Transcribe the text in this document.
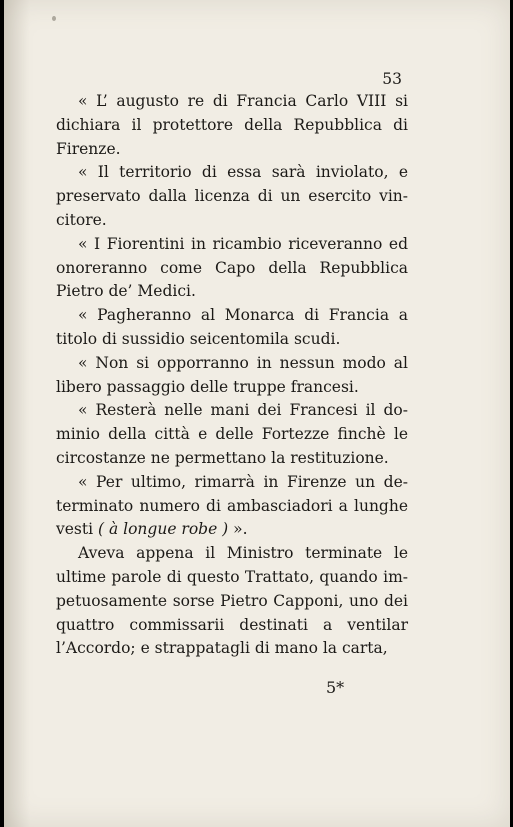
53

« L’ augusto re di Francia Carlo VIII si dichiara il protettore della Repubblica di Firenze.

« Il territorio di essa sarà inviolato, e preservato dalla licenza di un esercito vin-citore.

« I Fiorentini in ricambio riceveranno ed onoreranno come Capo della Repubblica Pietro de’ Medici.

« Pagheranno al Monarca di Francia a titolo di sussidio seicentomila scudi.

« Non si opporranno in nessun modo al libero passaggio delle truppe francesi.

« Resterà nelle mani dei Francesi il do-minio della città e delle Fortezze finchè le circostanze ne permettano la restituzione.

« Per ultimo, rimarrà in Firenze un de-terminato numero di ambasciadori a lunghe vesti ( à longue robe ) ».

Aveva appena il Ministro terminate le ultime parole di questo Trattato, quando im-petuosamente sorse Pietro Capponi, uno dei quattro commissarii destinati a ventilar l’Accordo; e strappatagli di mano la carta,

5*
